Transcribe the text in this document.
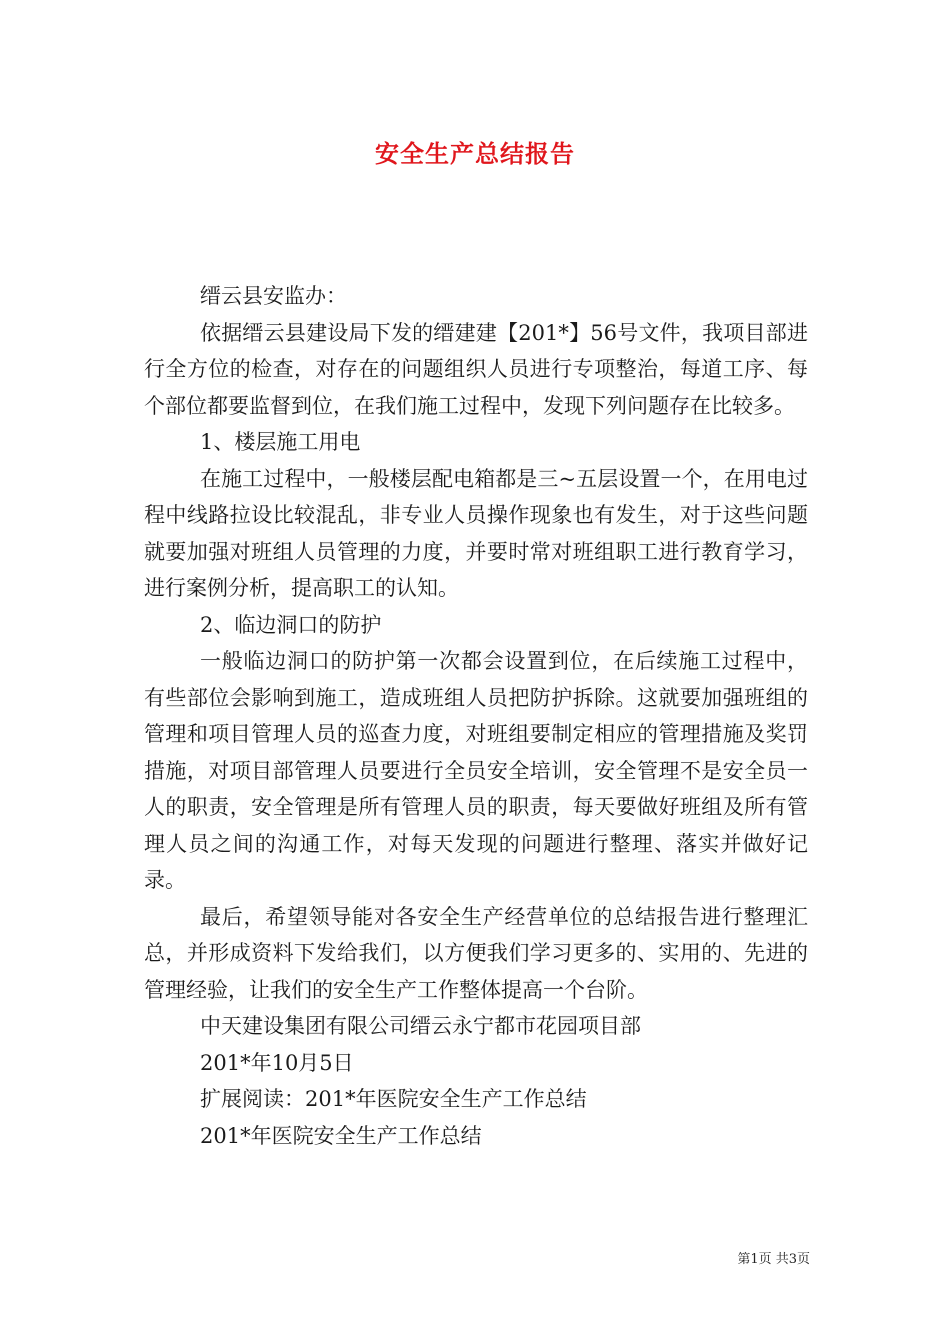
安全生产总结报告

缙云县安监办：

依据缙云县建设局下发的缙建建【201*】56号文件，我项目部进行全方位的检查，对存在的问题组织人员进行专项整治，每道工序、每个部位都要监督到位，在我们施工过程中，发现下列问题存在比较多。

1、楼层施工用电

在施工过程中，一般楼层配电箱都是三~五层设置一个，在用电过程中线路拉设比较混乱，非专业人员操作现象也有发生，对于这些问题就要加强对班组人员管理的力度，并要时常对班组职工进行教育学习，进行案例分析，提高职工的认知。

2、临边洞口的防护

一般临边洞口的防护第一次都会设置到位，在后续施工过程中，有些部位会影响到施工，造成班组人员把防护拆除。这就要加强班组的管理和项目管理人员的巡查力度，对班组要制定相应的管理措施及奖罚措施，对项目部管理人员要进行全员安全培训，安全管理不是安全员一人的职责，安全管理是所有管理人员的职责，每天要做好班组及所有管理人员之间的沟通工作，对每天发现的问题进行整理、落实并做好记录。

最后，希望领导能对各安全生产经营单位的总结报告进行整理汇总，并形成资料下发给我们，以方便我们学习更多的、实用的、先进的管理经验，让我们的安全生产工作整体提高一个台阶。

中天建设集团有限公司缙云永宁都市花园项目部

201*年10月5日

扩展阅读：201*年医院安全生产工作总结

201*年医院安全生产工作总结

第1页 共3页
